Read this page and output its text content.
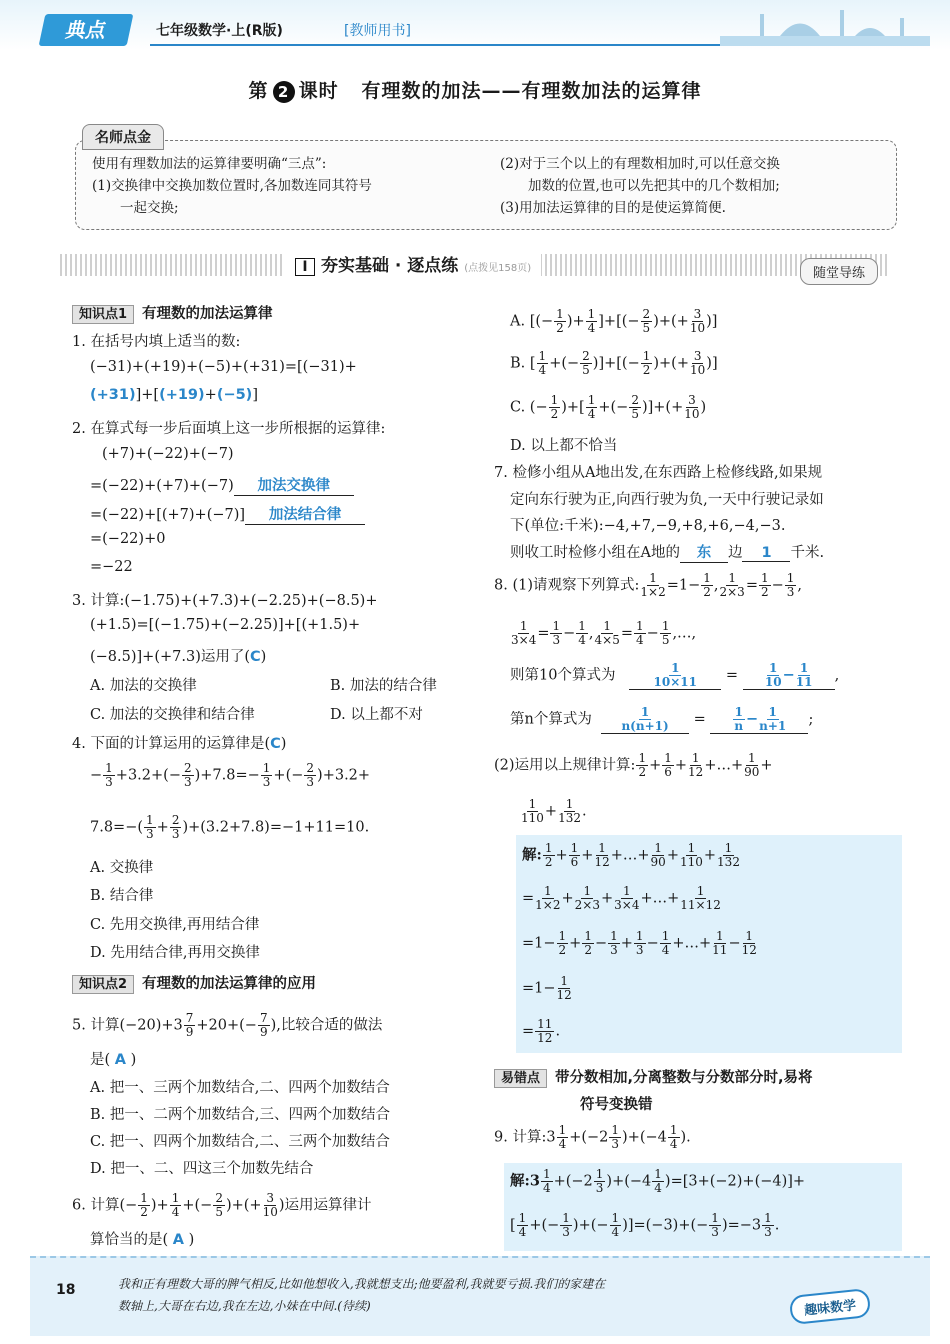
典点	七年级数学·上(R版)	[教师用书]
第 2 课时 有理数的加法——有理数加法的运算律
名师点金
使用有理数加法的运算律要明确“三点”:
(1)交换律中交换加数位置时,各加数连同其符号
一起交换;
(2)对于三个以上的有理数相加时,可以任意交换
加数的位置,也可以先把其中的几个数相加;
(3)用加法运算律的目的是使运算简便.
I 夯实基础 · 逐点练 (点拨见158页)	随堂导练
知识点1 有理数的加法运算律
1. 在括号内填上适当的数:
(−31)+(+19)+(−5)+(+31)=[(−31)+
(+31)]+[(+19)+(−5)]
2. 在算式每一步后面填上这一步所根据的运算律:
(+7)+(−22)+(−7)
=(−22)+(+7)+(−7) 加法交换律
=(−22)+[(+7)+(−7)] 加法结合律
=(−22)+0
=−22
3. 计算:(−1.75)+(+7.3)+(−2.25)+(−8.5)+
(+1.5)=[(−1.75)+(−2.25)]+[(+1.5)+
(−8.5)]+(+7.3)运用了(C)
A. 加法的交换律	B. 加法的结合律
C. 加法的交换律和结合律	D. 以上都不对
4. 下面的计算运用的运算律是(C)
− $\frac{1}{3} +3.2+(- \frac{2}{3} )+7.8=- \frac{1}{3}$ +(− $\frac{2}{3} )+3.2+$
$7.8=-( \frac{1}{3} + \frac{2}{3} )+(3.2+7.8)=-1+11=10$.
A. 交换律
B. 结合律
C. 先用交换律,再用结合律
D. 先用结合律,再用交换律
知识点2 有理数的加法运算律的应用
5. 计算$(-20)+3 \frac{7}{9} +20+(- \frac{7}{9}$ ),比较合适的做法
是( A )
A. 把一、三两个加数结合,二、四两个加数结合
B. 把一、二两个加数结合,三、四两个加数结合
C. 把一、四两个加数结合,二、三两个加数结合
D. 把一、二、四这三个加数先结合
6. 计算(− $\frac{1}{2}$ )+ $\frac{1}{4}$ +(− $\frac{2}{5}$ )+(+ $\frac{3}{10}$ )运用运算律计
算恰当的是( A )
A. [(− $\frac{1}{2}$ )+ $\frac{1}{4}$ ]+[(− $\frac{2}{5}$ )+(+ $\frac{3}{10}$ )]
B. [ $\frac{1}{4}$ +(− $\frac{2}{5}$ )]+[(− $\frac{1}{2}$ )+(+ $\frac{3}{10}$ )]
C. (− $\frac{1}{2}$ )+[ $\frac{1}{4}$ +(− $\frac{2}{5}$ )]+(+ $\frac{3}{10}$ )
D. 以上都不恰当
7. 检修小组从A地出发,在东西路上检修线路,如果规
定向东行驶为正,向西行驶为负,一天中行驶记录如
下(单位:千米):−4,+7,−9,+8,+6,−4,−3.
则收工时检修小组在A地的 东 边 1 千米.
8. (1)请观察下列算式: $\frac{1}{1\times 2} =1- \frac{1}{2}$ , $\frac{1}{2\times 3} = \frac{1}{2} - \frac{1}{3}$ ,
$\frac{1}{3\times 4} = \frac{1}{3} - \frac{1}{4}$ , $\frac{1}{4\times 5} = \frac{1}{4} - \frac{1}{5}$ ,…,
则第10个算式为	$\frac{1}{10\times 11} = \frac{1}{10} - \frac{1}{11}$ ,
第n个算式为 $\frac{1}{n(n+1)} = \frac{1}{n} - \frac{1}{n+1}$ ;
(2)运用以上规律计算: $\frac{1}{2} + \frac{1}{6} + \frac{1}{12}$ +…+ $\frac{1}{90}$ +
$\frac{1}{110} + \frac{1}{132}$ .
解: $\frac{1}{2} + \frac{1}{6} + \frac{1}{12}$ +…+ $\frac{1}{90} + \frac{1}{110} + \frac{1}{132}$
= $\frac{1}{1\times 2} + \frac{1}{2\times 3} + \frac{1}{3\times 4}$ +…+ $\frac{1}{11\times 12}$
$=1- \frac{1}{2} + \frac{1}{2} - \frac{1}{3} + \frac{1}{3} - \frac{1}{4}$ +…+ $\frac{1}{11} - \frac{1}{12}$
$=1- \frac{1}{12}$
= $\frac{11}{12}$ .
易错点 带分数相加,分离整数与分数部分时,易将
符号变换错
9. 计算:3 $\frac{1}{4} +(-2 \frac{1}{3} )+(-4 \frac{1}{4}$ ).
解:3 $\frac{1}{4} +(-2 \frac{1}{3} )+(-4 \frac{1}{4} )=[3+(-2)+(-4)]+$
[ $\frac{1}{4}$ +(− $\frac{1}{3}$ )+(− $\frac{1}{4} )]=(-3)+(- \frac{1}{3} )=-3 \frac{1}{3}$ .
18	我和正有理数大哥的脾气相反,比如他想收入,我就想支出;他要盈利,我就要亏损.我们的家建在
数轴上,大哥在右边,我在左边,小妹在中间.(待续)	趣味数学
